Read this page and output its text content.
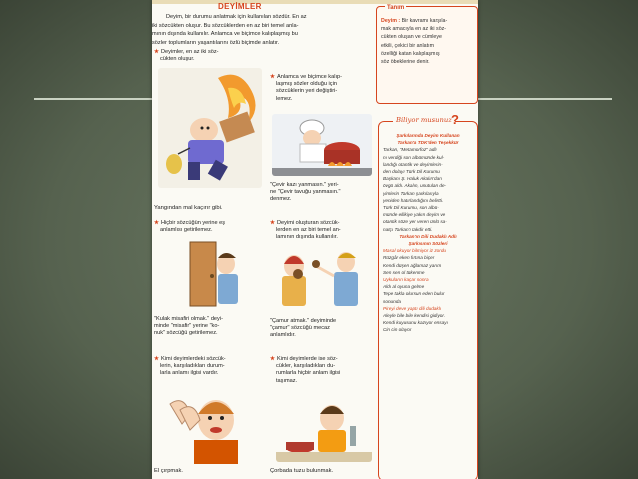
DEYİMLER

Deyim, bir durumu anlatmak için kullanılan sözdür. En az

iki sözcükten oluşur. Bu sözcüklerden en az biri temel anla-
mının dışında kullanılır. Anlamca ve biçimce kalıplaşmış bu
sözler toplumların yaşantılarını özlü biçimde anlatır.
★ Deyimler, en az iki söz-
cükten oluşur.
Yangından mal kaçırır gibi.
★ Anlamca ve biçimce kalıp-
laşmış sözler olduğu için
sözcüklerin yeri değiştiri-
lemez.
"Çevir kazı yanmasın." yeri-
ne "Çevir tavuğu yanmasın."
denmez.
★ Hiçbir sözcüğün yerine eş
anlamlısı getirilemez.
"Kulak misafiri olmak." deyi-
minde "misafir" yerine "ko-
nuk" sözcüğü getirilemez.
★ Deyimi oluşturan sözcük-
lerden en az biri temel an-
lamının dışında kullanılır.
"Çamur atmak." deyiminde
"çamur" sözcüğü mecaz
anlamlıdır.
★ Kimi deyimlerdeki sözcük-
lerin, karşıladıkları durum-
larla anlamı ilgisi vardır.
El çırpmak.
★ Kimi deyimlerde ise söz-
cükler, karşıladıkları du-
rumlarla hiçbir anlam ilgisi
taşımaz.
Çorbada tuzu bulunmak.
Tanım
Deyim : Bir kavramı karşıla-
mak amacıyla en az iki söz-
cükten oluşan ve cümleye
etkili, çekici bir anlatım
özelliği katan kalıplaşmış
söz öbeklerine denir.
Biliyor musunuz ?
Şarkılarında Deyim Kullanan
Tarkan'a TDK'den Teşekkür
Tarkan, "Metamorfoz" adlı
nı verdiği son albümünde kul-
landığı otantik ve deyimlerin-
den dolayı Türk Dil Kurumu
Başkanı Ş. Haluk Akalın'dan
övgü aldı. Akalın, unutulan de-
yimlerin Tarkan şarkılarıyla
yeniden hatırlandığını belirtti.
Türk Dil Kurumu, son albü-
münde ellikiye yakın deyim ve
otantik söze yer veren ünlü sa-
natçı Tarkan'ı takdir etti.
Tarkan'ın Dili Dudaklı Adlı
Şarkısının Sözleri
Masal okuyor bilmiyor iz zordu
Rüzgâr eken fırtına biçer
Kendi düşen ağlamaz yarım
Sen sen ol tükenme
Uykuların kaçar sonra
Aldı al oyuna gelme
Tepe takla olursun eden bulur
sonunda
Pireyi deve yaptı dili dudaklı
Aleyle bile bile kendisi gidiyor.
Kendi kuyusunu kazıyor ensayı
Cin cin olayor
